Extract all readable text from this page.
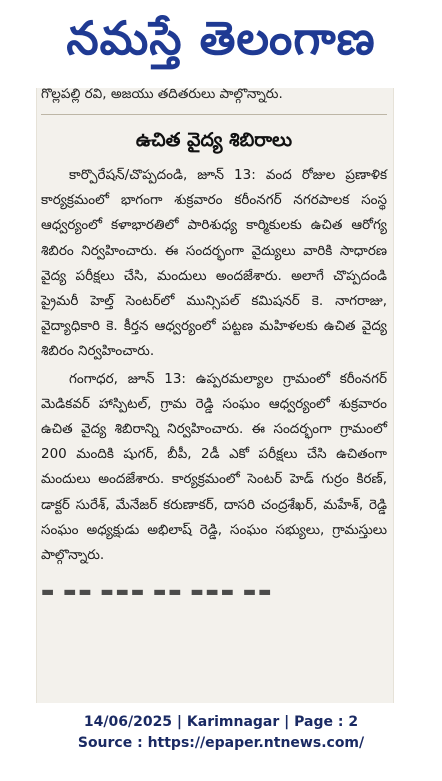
నమస్తే తెలంగాణ
గొల్లపల్లి రవి, అజయు తదితరులు పాల్గొన్నారు.
ఉచిత వైద్య శిబిరాలు

కార్పొరేషన్/చొప్పదండి, జూన్ 13: వంద రోజుల ప్రణాళిక కార్యక్రమంలో భాగంగా శుక్రవారం కరీంనగర్ నగరపాలక సంస్థ ఆధ్వర్యంలో కళాభారతిలో పారిశుధ్య కార్మికులకు ఉచిత ఆరోగ్య శిబిరం నిర్వహించారు. ఈ సందర్భంగా వైద్యులు వారికి సాధారణ వైద్య పరీక్షలు చేసి, మందులు అందజేశారు. అలాగే చొప్పదండి ప్రైమరీ హెల్త్ సెంటర్‌లో మున్సిపల్ కమిషనర్ కె. నాగరాజు, వైద్యాధికారి కె. కీర్తన ఆధ్వర్యంలో పట్టణ మహిళలకు ఉచిత వైద్య శిబిరం నిర్వహించారు.

గంగాధర, జూన్ 13: ఉప్పరమల్యాల గ్రామంలో కరీంనగర్ మెడికవర్ హాస్పిటల్, గ్రామ రెడ్డి సంఘం ఆధ్వర్యంలో శుక్రవారం ఉచిత వైద్య శిబిరాన్ని నిర్వహించారు. ఈ సందర్భంగా గ్రామంలో 200 మందికి షుగర్, బీపీ, 2డీ ఎకో పరీక్షలు చేసి ఉచితంగా మందులు అందజేశారు. కార్యక్రమంలో సెంటర్ హెడ్ గుర్రం కిరణ్, డాక్టర్ సురేశ్, మేనేజర్ కరుణాకర్, దాసరి చంద్రశేఖర్, మహేశ్, రెడ్డి సంఘం అధ్యక్షుడు అభిలాష్ రెడ్డి, సంఘం సభ్యులు, గ్రామస్తులు పాల్గొన్నారు.

▬ ▬▬ ▬▬▬ ▬▬ ▬▬▬ ▬▬
14/06/2025 | Karimnagar | Page : 2
Source : https://epaper.ntnews.com/
